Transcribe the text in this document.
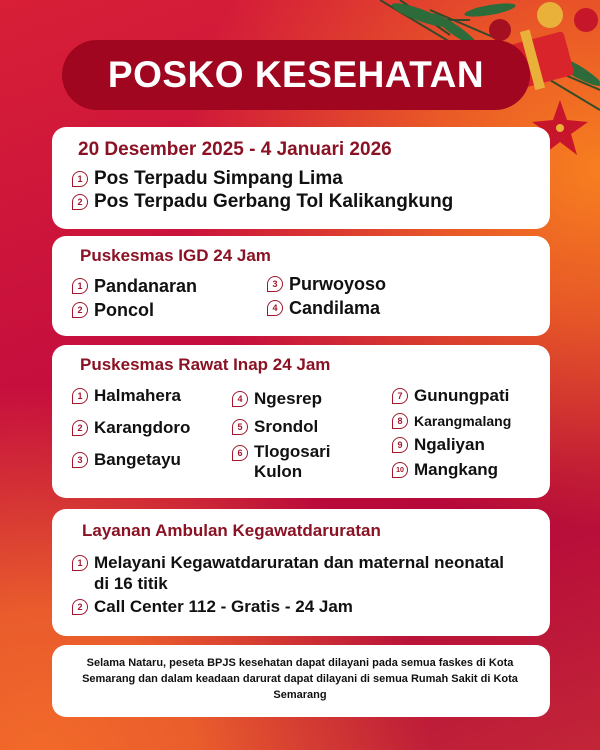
POSKO KESEHATAN
20 Desember 2025 - 4 Januari 2026
1 Pos Terpadu Simpang Lima
2 Pos Terpadu Gerbang Tol Kalikangkung
Puskesmas IGD 24 Jam
1 Pandanaran
2 Poncol
3 Purwoyoso
4 Candilama
Puskesmas Rawat Inap 24 Jam
1 Halmahera
2 Karangdoro
3 Bangetayu
4 Ngesrep
5 Srondol
6 Tlogosari Kulon
7 Gunungpati
8 Karangmalang
9 Ngaliyan
10 Mangkang
Layanan Ambulan Kegawatdaruratan
1 Melayani Kegawatdaruratan dan maternal neonatal di 16 titik
2 Call Center 112 - Gratis - 24 Jam
Selama Nataru, peseta BPJS kesehatan dapat dilayani pada semua faskes di Kota Semarang dan dalam keadaan darurat dapat dilayani di semua Rumah Sakit di Kota Semarang
